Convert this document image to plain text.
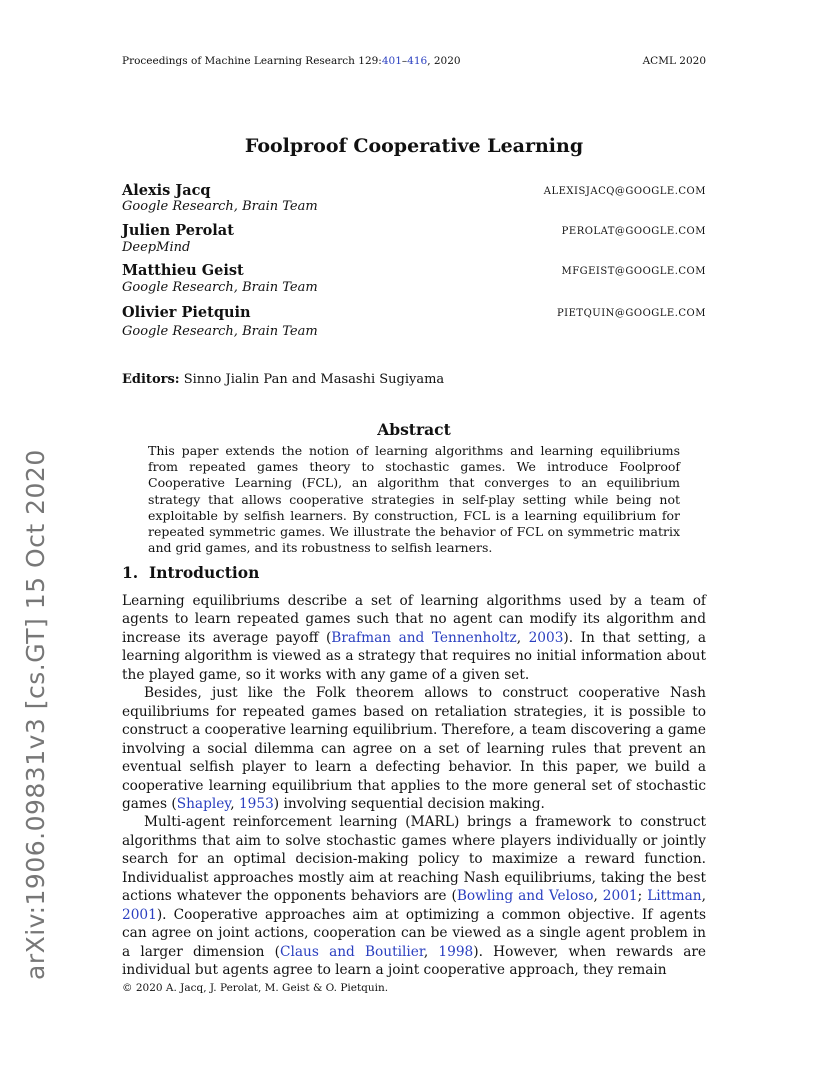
Proceedings of Machine Learning Research 129:401–416, 2020	ACML 2020
arXiv:1906.09831v3 [cs.GT] 15 Oct 2020
Foolproof Cooperative Learning
Alexis Jacq	ALEXISJACQ@GOOGLE.COM
Google Research, Brain Team
Julien Perolat	PEROLAT@GOOGLE.COM
DeepMind
Matthieu Geist	MFGEIST@GOOGLE.COM
Google Research, Brain Team
Olivier Pietquin	PIETQUIN@GOOGLE.COM
Google Research, Brain Team
Editors: Sinno Jialin Pan and Masashi Sugiyama
Abstract
This paper extends the notion of learning algorithms and learning equilibriums from repeated games theory to stochastic games. We introduce Foolproof Cooperative Learning (FCL), an algorithm that converges to an equilibrium strategy that allows cooperative strategies in self-play setting while being not exploitable by selfish learners. By construction, FCL is a learning equilibrium for repeated symmetric games. We illustrate the behavior of FCL on symmetric matrix and grid games, and its robustness to selfish learners.
1. Introduction

Learning equilibriums describe a set of learning algorithms used by a team of agents to learn repeated games such that no agent can modify its algorithm and increase its average payoff (Brafman and Tennenholtz, 2003). In that setting, a learning algorithm is viewed as a strategy that requires no initial information about the played game, so it works with any game of a given set.

Besides, just like the Folk theorem allows to construct cooperative Nash equilibriums for repeated games based on retaliation strategies, it is possible to construct a cooperative learning equilibrium. Therefore, a team discovering a game involving a social dilemma can agree on a set of learning rules that prevent an eventual selfish player to learn a defecting behavior. In this paper, we build a cooperative learning equilibrium that applies to the more general set of stochastic games (Shapley, 1953) involving sequential decision making.

Multi-agent reinforcement learning (MARL) brings a framework to construct algorithms that aim to solve stochastic games where players individually or jointly search for an optimal decision-making policy to maximize a reward function. Individualist approaches mostly aim at reaching Nash equilibriums, taking the best actions whatever the opponents behaviors are (Bowling and Veloso, 2001; Littman, 2001). Cooperative approaches aim at optimizing a common objective. If agents can agree on joint actions, cooperation can be viewed as a single agent problem in a larger dimension (Claus and Boutilier, 1998). However, when rewards are individual but agents agree to learn a joint cooperative approach, they remain

© 2020 A. Jacq, J. Perolat, M. Geist & O. Pietquin.
